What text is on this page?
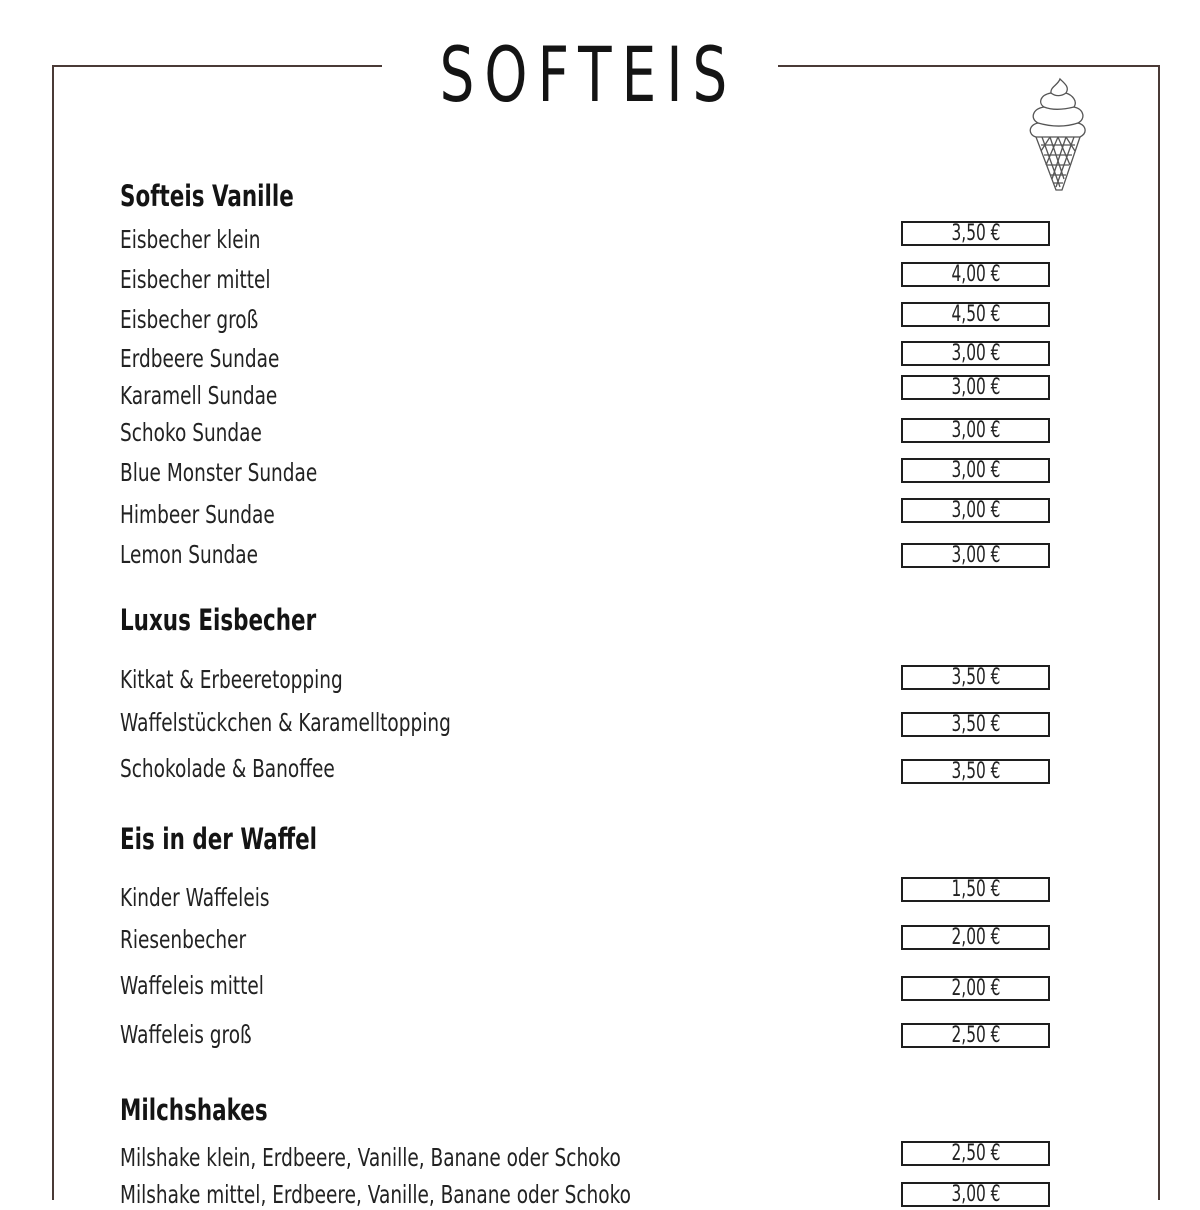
SOFTEIS
Softeis Vanille
Eisbecher klein	3,50 €
Eisbecher mittel	4,00 €
Eisbecher groß	4,50 €
Erdbeere Sundae	3,00 €
Karamell Sundae	3,00 €
Schoko Sundae	3,00 €
Blue Monster Sundae	3,00 €
Himbeer Sundae	3,00 €
Lemon Sundae	3,00 €
Luxus Eisbecher
Kitkat & Erbeeretopping	3,50 €
Waffelstückchen & Karamelltopping	3,50 €
Schokolade & Banoffee	3,50 €
Eis in der Waffel
Kinder Waffeleis	1,50 €
Riesenbecher	2,00 €
Waffeleis mittel	2,00 €
Waffeleis groß	2,50 €
Milchshakes
Milshake klein, Erdbeere, Vanille, Banane oder Schoko	2,50 €
Milshake mittel, Erdbeere, Vanille, Banane oder Schoko	3,00 €
